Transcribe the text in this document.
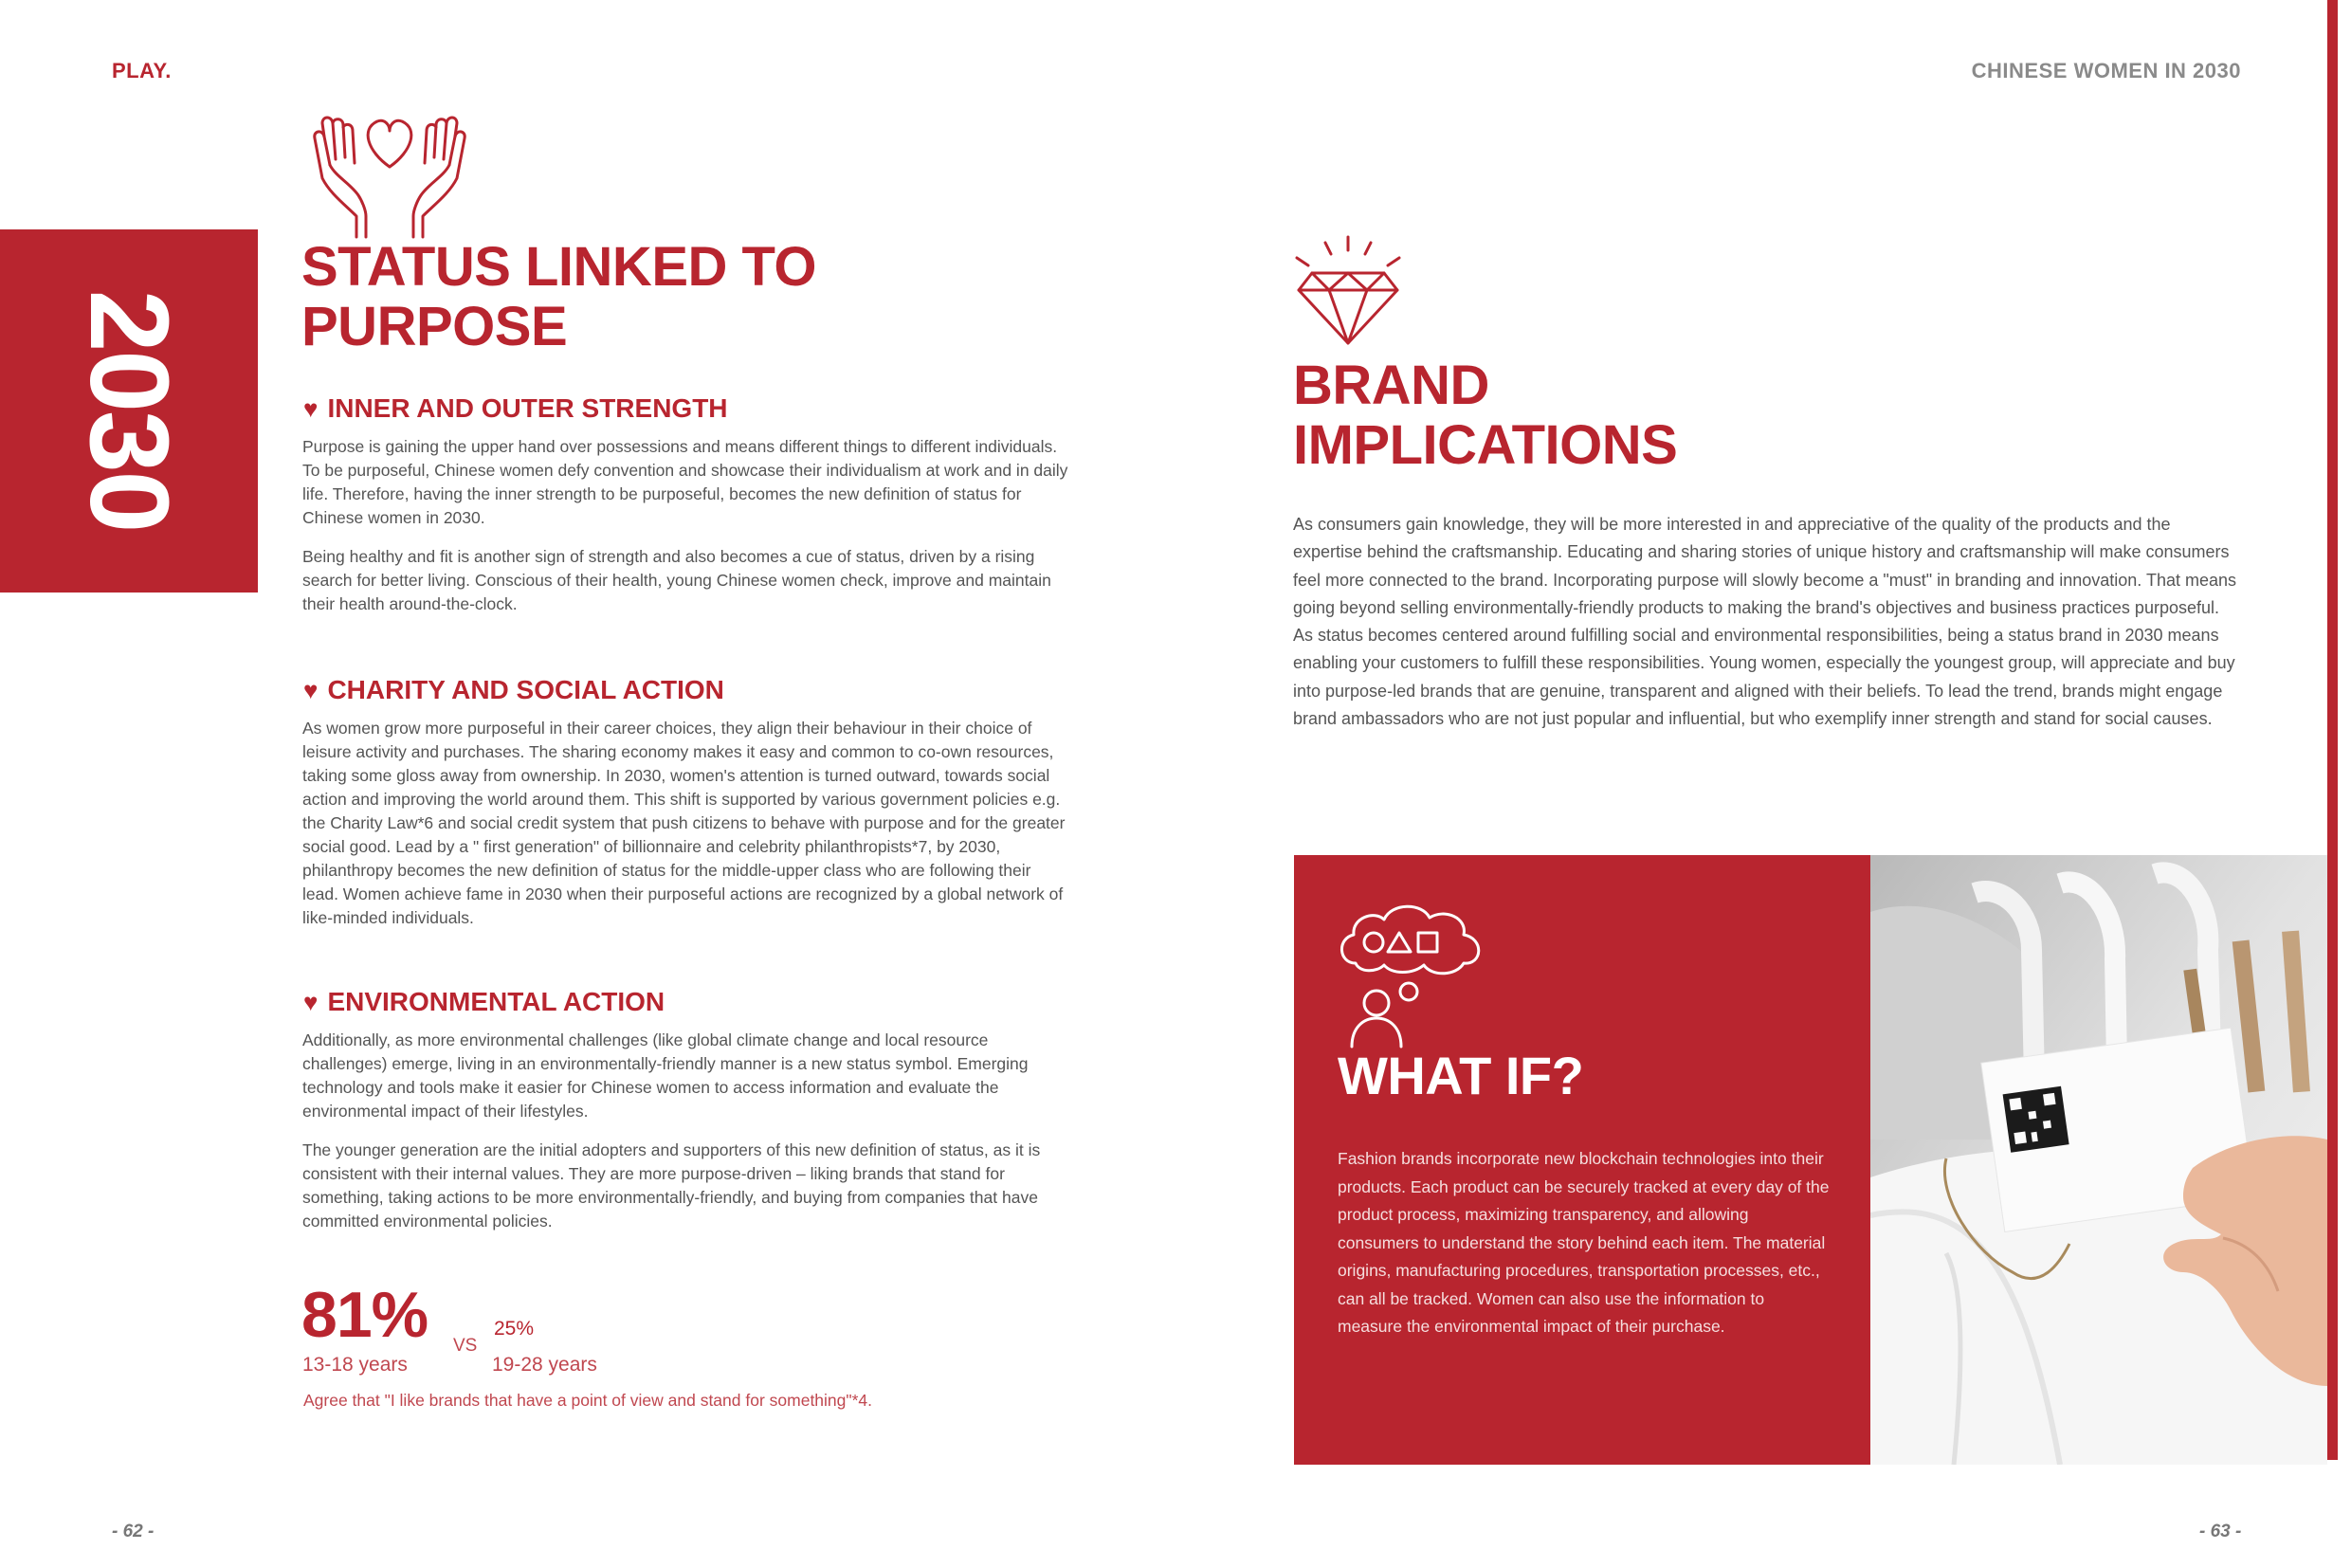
PLAY.	CHINESE WOMEN IN 2030
2030
STATUS LINKED TO
PURPOSE
♥ INNER AND OUTER STRENGTH

Purpose is gaining the upper hand over possessions and means different things to different individuals. To be purposeful, Chinese women defy convention and showcase their individualism at work and in daily life. Therefore, having the inner strength to be purposeful, becomes the new definition of status for Chinese women in 2030.

Being healthy and fit is another sign of strength and also becomes a cue of status, driven by a rising search for better living. Conscious of their health, young Chinese women check, improve and maintain their health around-the-clock.

♥ CHARITY AND SOCIAL ACTION

As women grow more purposeful in their career choices, they align their behaviour in their choice of leisure activity and purchases. The sharing economy makes it easy and common to co-own resources, taking some gloss away from ownership. In 2030, women's attention is turned outward, towards social action and improving the world around them. This shift is supported by various government policies e.g. the Charity Law*6 and social credit system that push citizens to behave with purpose and for the greater social good. Lead by a " first generation" of billionnaire and celebrity philanthropists*7, by 2030, philanthropy becomes the new definition of status for the middle-upper class who are following their lead. Women achieve fame in 2030 when their purposeful actions are recognized by a global network of like-minded individuals.

♥ ENVIRONMENTAL ACTION

Additionally, as more environmental challenges (like global climate change and local resource challenges) emerge, living in an environmentally-friendly manner is a new status symbol. Emerging technology and tools make it easier for Chinese women to access information and evaluate the environmental impact of their lifestyles.

The younger generation are the initial adopters and supporters of this new definition of status, as it is consistent with their internal values. They are more purpose-driven – liking brands that stand for something, taking actions to be more environmentally-friendly, and buying from companies that have committed environmental policies.

81%
13-18 years
VS
25%
19-28 years
Agree that "I like brands that have a point of view and stand for something"*4.
BRAND
IMPLICATIONS
As consumers gain knowledge, they will be more interested in and appreciative of the quality of the products and the expertise behind the craftsmanship. Educating and sharing stories of unique history and craftsmanship will make consumers feel more connected to the brand. Incorporating purpose will slowly become a "must" in branding and innovation. That means going beyond selling environmentally-friendly products to making the brand's objectives and business practices purposeful. As status becomes centered around fulfilling social and environmental responsibilities, being a status brand in 2030 means enabling your customers to fulfill these responsibilities. Young women, especially the youngest group, will appreciate and buy into purpose-led brands that are genuine, transparent and aligned with their beliefs. To lead the trend, brands might engage brand ambassadors who are not just popular and influential, but who exemplify inner strength and stand for social causes.
WHAT IF?
Fashion brands incorporate new blockchain technologies into their products. Each product can be securely tracked at every day of the product process, maximizing transparency, and allowing consumers to understand the story behind each item. The material origins, manufacturing procedures, transportation processes, etc., can all be tracked. Women can also use the information to measure the environmental impact of their purchase.
- 62 -	- 63 -
